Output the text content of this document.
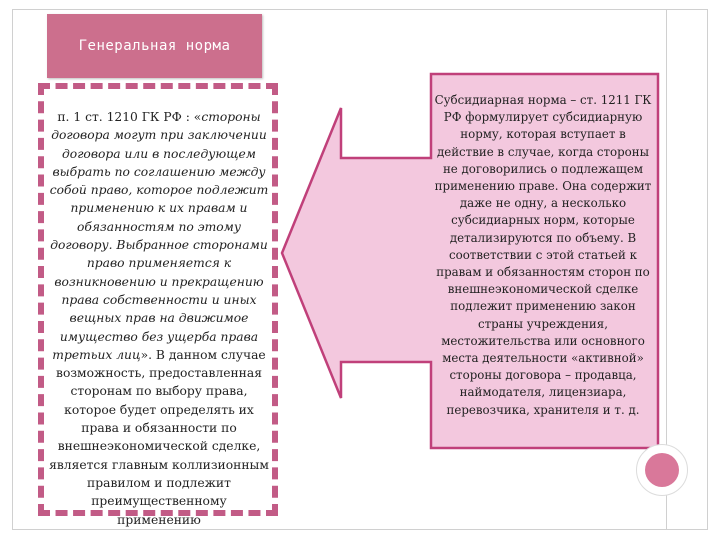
Генеральная норма
п. 1 ст. 1210 ГК РФ : «стороны договора могут при заключении договора или в последующем выбрать по соглашению между собой право, которое подлежит применению к их правам и обязанностям по этому договору. Выбранное сторонами право применяется к возникновению и прекращению права собственности и иных вещных прав на движимое имущество без ущерба права третьих лиц». В данном случае возможность, предоставленная сторонам по выбору права, которое будет определять их права и обязанности по внешнеэкономической сделке, является главным коллизионным правилом и подлежит преимущественному применению
Субсидиарная норма – ст. 1211 ГК РФ формулирует субсидиарную норму, которая вступает в действие в случае, когда стороны не договорились о подлежащем применению праве. Она содержит даже не одну, а несколько субсидиарных норм, которые детализируются по объему. В соответствии с этой статьей к правам и обязанностям сторон по внешнеэкономической сделке подлежит применению закон страны учреждения, местожительства или основного места деятельности «активной» стороны договора – продавца, наймодателя, лицензиара, перевозчика, хранителя и т. д.
